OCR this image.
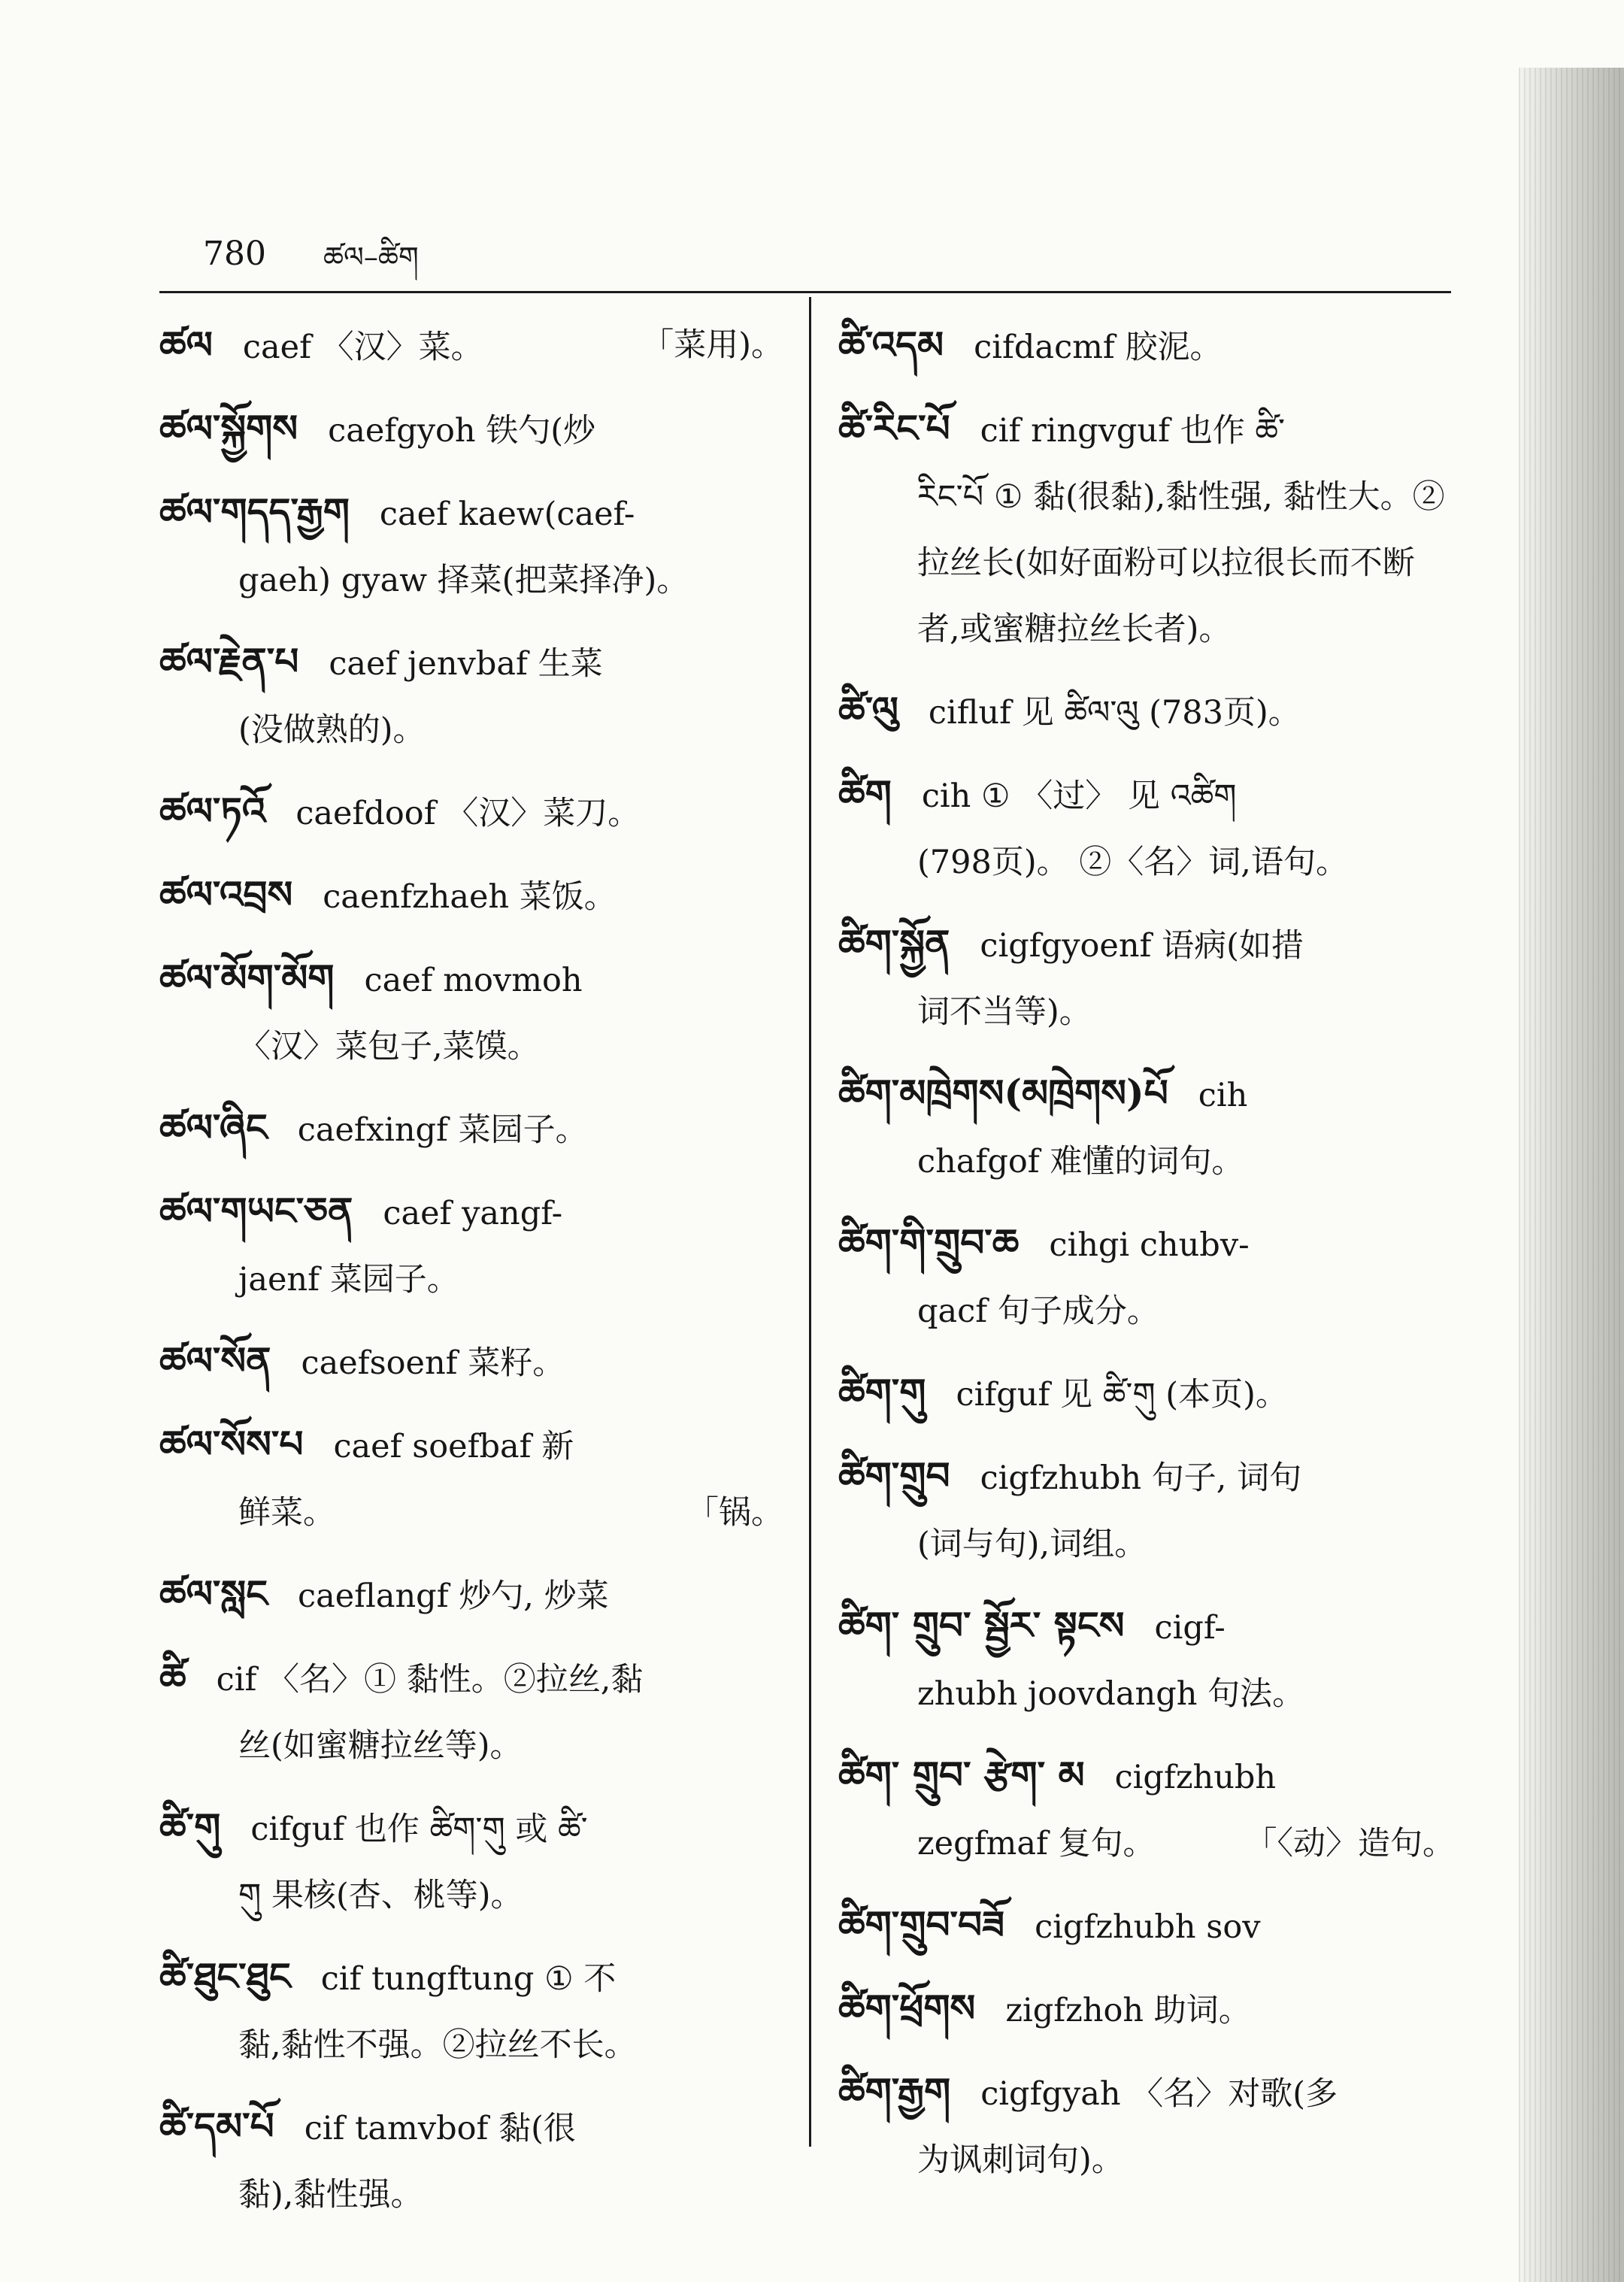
780 ཚལ–ཚིག
ཚལ caef 〈汉〉菜。	「菜用)。
ཚལ་སྐྱོགས caefgyoh 铁勺(炒
ཚལ་གདད་རྒྱག caef kaew(caef-
gaeh) gyaw 择菜(把菜择净)。
ཚལ་རྗེན་པ caef jenvbaf 生菜
(没做熟的)。
ཚལ་ཏའོ caefdoof 〈汉〉菜刀。
ཚལ་འབྲས caenfzhaeh 菜饭。
ཚལ་མོག་མོག caef movmoh
〈汉〉菜包子,菜馍。
ཚལ་ཞིང caefxingf 菜园子。
ཚལ་གཡང་ཅན caef yangf-
jaenf 菜园子。
ཚལ་སོན caefsoenf 菜籽。
ཚལ་སོས་པ caef soefbaf 新
鲜菜。	「锅。
ཚལ་སླང caeflangf 炒勺, 炒菜
ཚི cif 〈名〉① 黏性。②拉丝,黏
丝(如蜜糖拉丝等)。
ཚི་གུ cifguf 也作 ཚིག་གུ 或 ཚི་
གུ 果核(杏、桃等)。
ཚི་ཐུང་ཐུང cif tungftung ① 不
黏,黏性不强。②拉丝不长。
ཚི་དམ་པོ cif tamvbof 黏(很
黏),黏性强。
ཚི་འདམ cifdacmf 胶泥。
ཚི་རིང་པོ cif ringvguf 也作 ཚི་
རིང་པོ ① 黏(很黏),黏性强, 黏性大。②拉丝长(如好面粉可以拉很长而不断者,或蜜糖拉丝长者)。
ཚི་ལུ cifluf 见 ཚིལ་ལུ (783页)。
ཚིག cih ① 〈过〉 见 འཚིག
(798页)。 ②〈名〉词,语句。
ཚིག་སྐྱོན cigfgyoenf 语病(如措
词不当等)。
ཚིག་མཁྲེགས(མཁྲེགས)པོ cih
chafgof 难懂的词句。
ཚིག་གི་གྲུབ་ཆ cihgi chubv-
qacf 句子成分。
ཚིག་གུ cifguf 见 ཚི་གུ (本页)。
ཚིག་གྲུབ cigfzhubh 句子, 词句
(词与句),词组。
ཚིག་ གྲུབ་ སྦྱོར་ སྟངས cigf-
zhubh joovdangh 句法。
ཚིག་ གྲུབ་ རྩེག་ མ cigfzhubh
zegfmaf 复句。	「〈动〉造句。
ཚིག་གྲུབ་བཟོ cigfzhubh sov
ཚིག་ཕྲོགས zigfzhoh 助词。
ཚིག་རྒྱག cigfgyah 〈名〉对歌(多
为讽刺词句)。
